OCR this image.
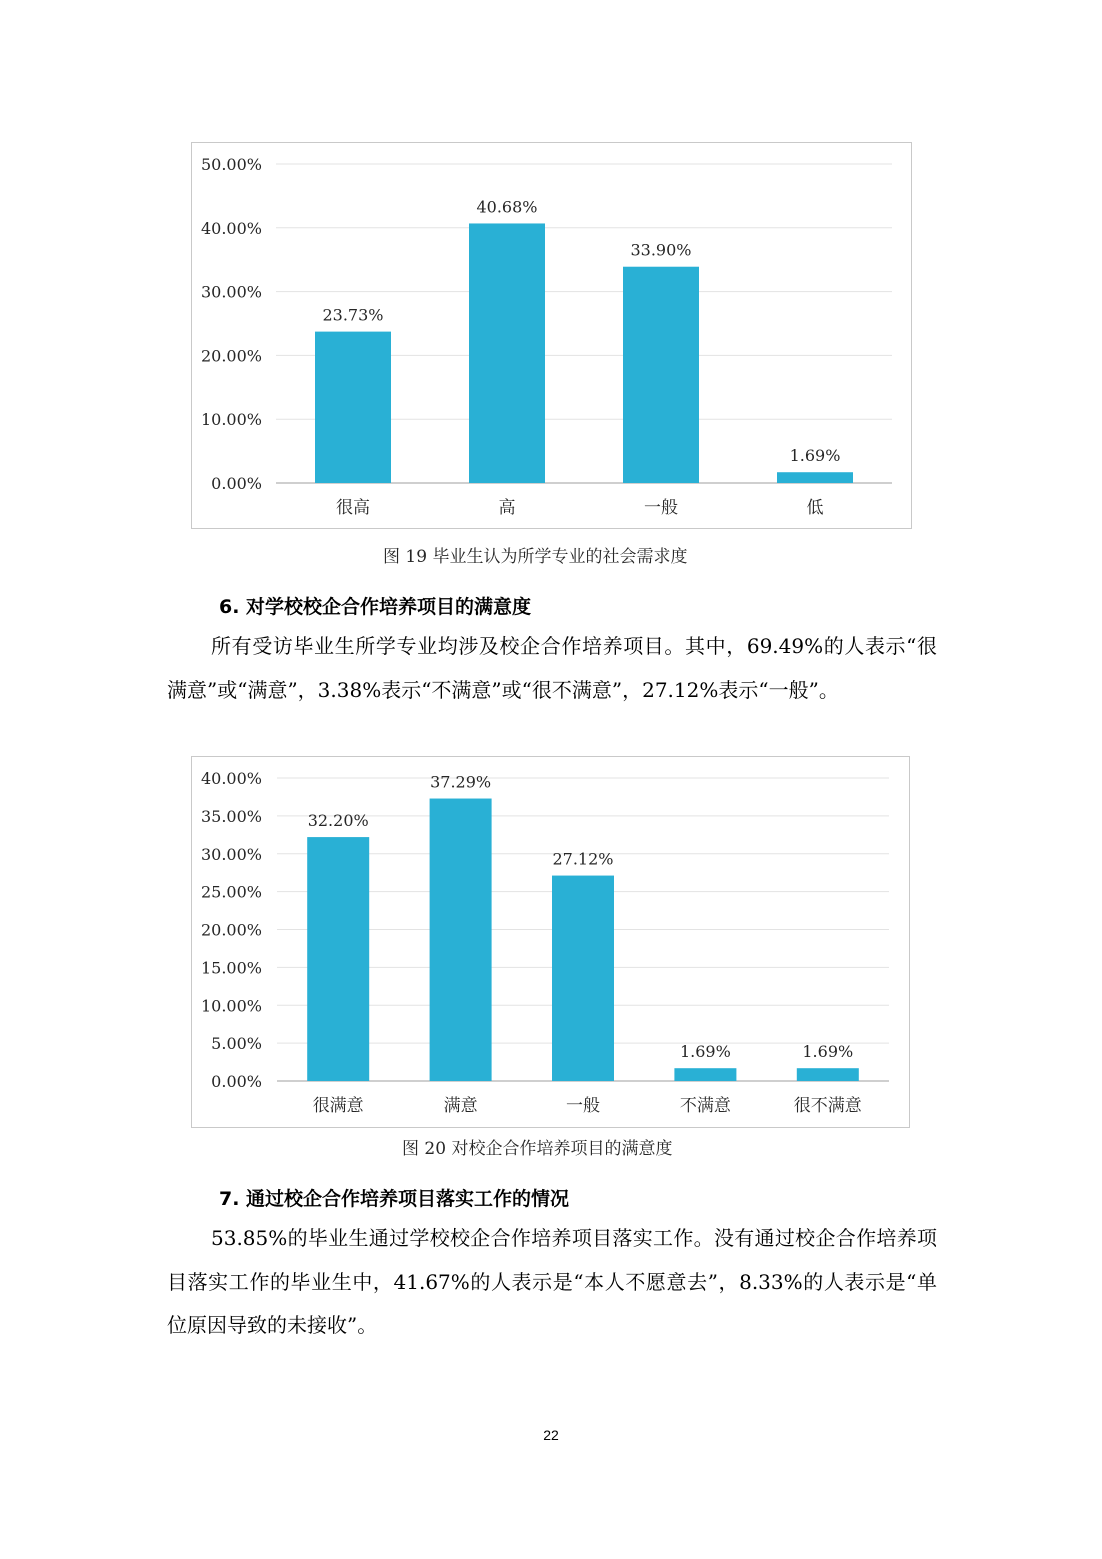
0.00%
10.00%
20.00%
30.00%
40.00%
50.00%
23.73%
很高
40.68%
高
33.90%
一般
1.69%
低
图 19 毕业生认为所学专业的社会需求度
6. 对学校校企合作培养项目的满意度
所有受访毕业生所学专业均涉及校企合作培养项目。其中，69.49%的人表示“很满意”或“满意”，3.38%表示“不满意”或“很不满意”，27.12%表示“一般”。
0.00%
5.00%
10.00%
15.00%
20.00%
25.00%
30.00%
35.00%
40.00%
32.20%
很满意
37.29%
满意
27.12%
一般
1.69%
不满意
1.69%
很不满意
图 20 对校企合作培养项目的满意度
7. 通过校企合作培养项目落实工作的情况
53.85%的毕业生通过学校校企合作培养项目落实工作。没有通过校企合作培养项目落实工作的毕业生中，41.67%的人表示是“本人不愿意去”，8.33%的人表示是“单位原因导致的未接收”。
22
